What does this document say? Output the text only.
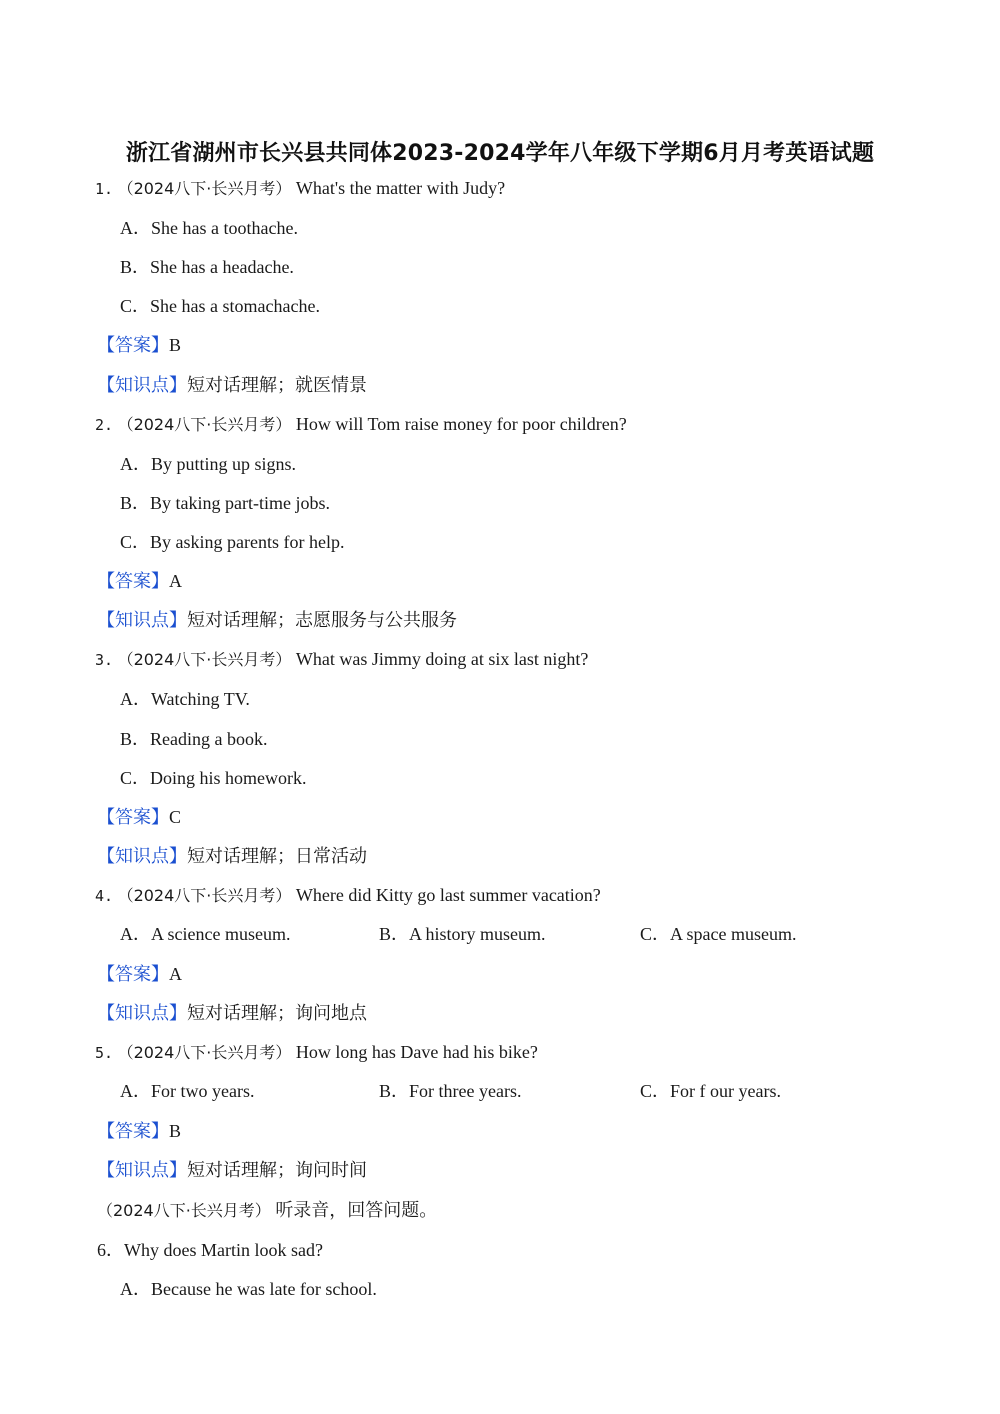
浙江省湖州市长兴县共同体2023-2024学年八年级下学期6月月考英语试题
1. （2024八下·长兴月考） What's the matter with Judy?
A．She has a toothache.
B．She has a headache.
C．She has a stomachache.
【答案】B
【知识点】短对话理解；就医情景
2. （2024八下·长兴月考） How will Tom raise money for poor children?
A．By putting up signs.
B．By taking part-time jobs.
C．By asking parents for help.
【答案】A
【知识点】短对话理解；志愿服务与公共服务
3. （2024八下·长兴月考） What was Jimmy doing at six last night?
A．Watching TV.
B．Reading a book.
C．Doing his homework.
【答案】C
【知识点】短对话理解；日常活动
4. （2024八下·长兴月考） Where did Kitty go last summer vacation?
A．A science museum.	B．A history museum.	C．A space museum.
【答案】A
【知识点】短对话理解；询问地点
5. （2024八下·长兴月考） How long has Dave had his bike?
A．For two years.	B．For three years.	C．For f our years.
【答案】B
【知识点】短对话理解；询问时间
（2024八下·长兴月考） 听录音，回答问题。
6．Why does Martin look sad?
A．Because he was late for school.
